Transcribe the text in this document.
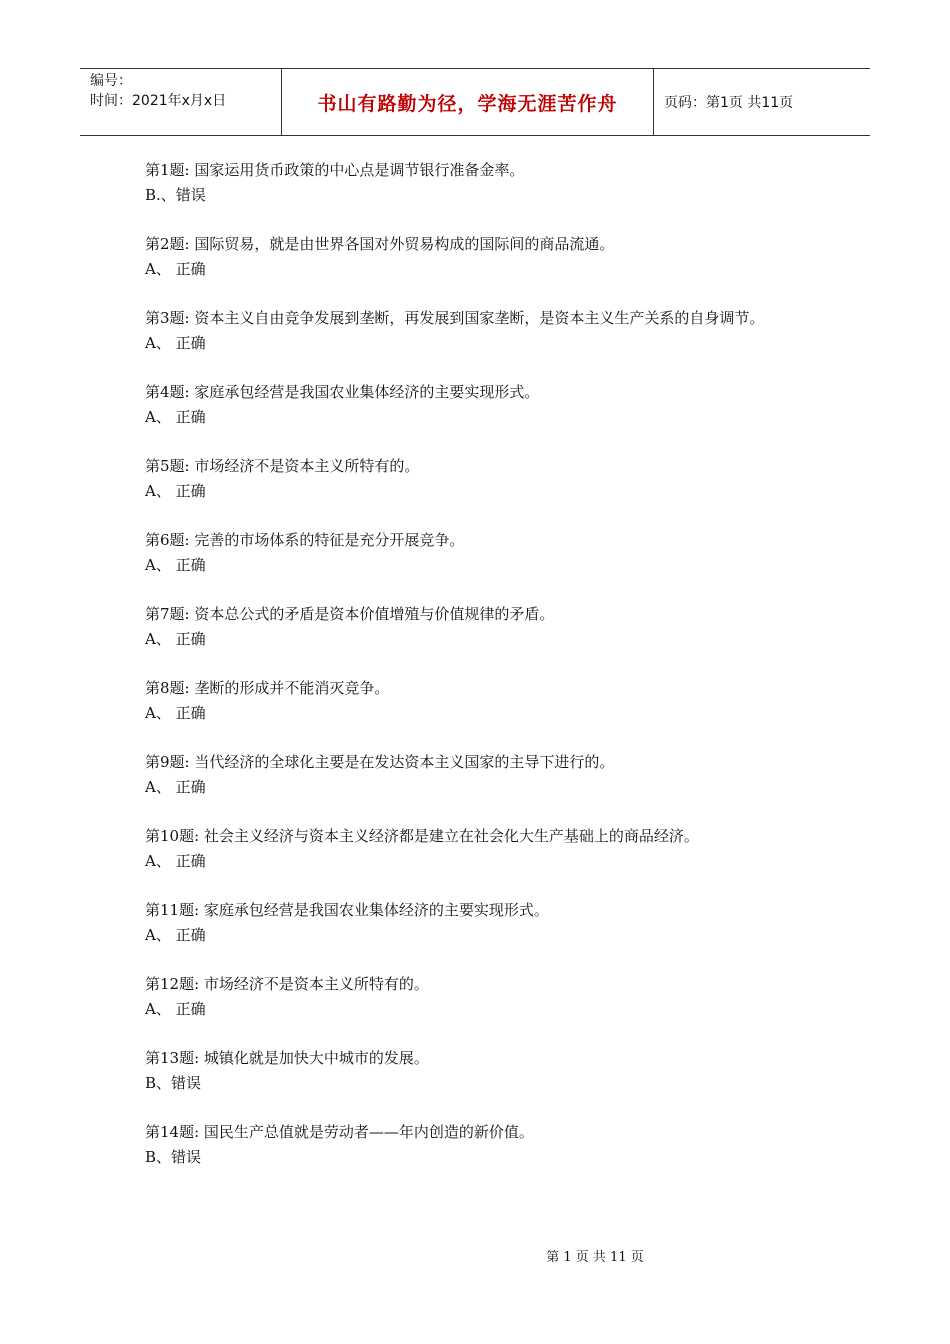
编号：
时间：2021年x月x日	书山有路勤为径，学海无涯苦作舟	页码：第1页 共11页
第1题: 国家运用货币政策的中心点是调节银行准备金率。
B.、错误
第2题: 国际贸易，就是由世界各国对外贸易构成的国际间的商品流通。
A、 正确
第3题: 资本主义自由竞争发展到垄断，再发展到国家垄断，是资本主义生产关系的自身调节。
A、 正确
第4题: 家庭承包经营是我国农业集体经济的主要实现形式。
A、 正确
第5题: 市场经济不是资本主义所特有的。
A、 正确
第6题: 完善的市场体系的特征是充分开展竞争。
A、 正确
第7题: 资本总公式的矛盾是资本价值增殖与价值规律的矛盾。
A、 正确
第8题: 垄断的形成并不能消灭竞争。
A、 正确
第9题: 当代经济的全球化主要是在发达资本主义国家的主导下进行的。
A、 正确
第10题: 社会主义经济与资本主义经济都是建立在社会化大生产基础上的商品经济。
A、 正确
第11题: 家庭承包经营是我国农业集体经济的主要实现形式。
A、 正确
第12题: 市场经济不是资本主义所特有的。
A、 正确
第13题: 城镇化就是加快大中城市的发展。
B、错误
第14题: 国民生产总值就是劳动者——年内创造的新价值。
B、错误
第 1 页 共 11 页
